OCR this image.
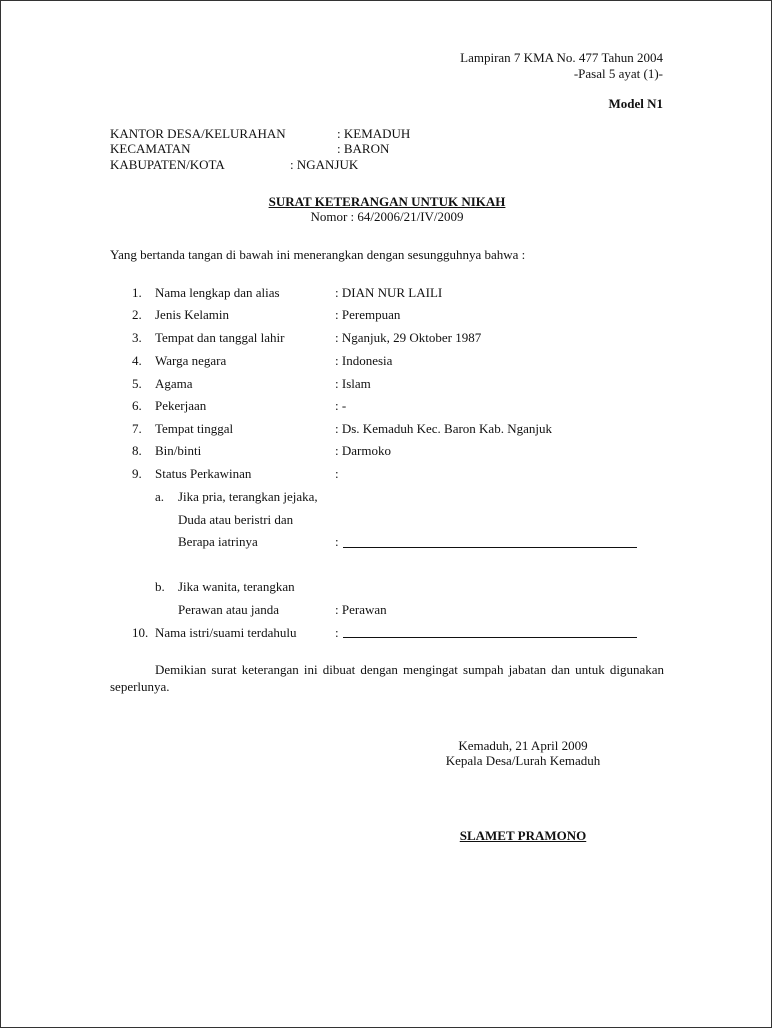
Lampiran 7 KMA No. 477 Tahun 2004
-Pasal 5 ayat (1)-
Model N1
KANTOR DESA/KELURAHAN	: KEMADUH
KECAMATAN	: BARON
KABUPATEN/KOTA	: NGANJUK
SURAT KETERANGAN UNTUK NIKAH
Nomor : 64/2006/21/IV/2009
Yang bertanda tangan di bawah ini menerangkan dengan sesungguhnya bahwa :
1. Nama lengkap dan alias	: DIAN NUR LAILI
2. Jenis Kelamin	: Perempuan
3. Tempat dan tanggal lahir	: Nganjuk, 29 Oktober 1987
4. Warga negara	: Indonesia
5. Agama	: Islam
6. Pekerjaan	: -
7. Tempat tinggal	: Ds. Kemaduh Kec. Baron Kab. Nganjuk
8. Bin/binti	: Darmoko
9. Status Perkawinan	:
a. Jika pria, terangkan jejaka,
Duda atau beristri dan
Berapa iatrinya	:
b. Jika wanita, terangkan
Perawan atau janda	: Perawan
10. Nama istri/suami terdahulu	:
Demikian surat keterangan ini dibuat dengan mengingat sumpah jabatan dan untuk digunakan seperlunya.
Kemaduh, 21 April 2009
Kepala Desa/Lurah Kemaduh
SLAMET PRAMONO
